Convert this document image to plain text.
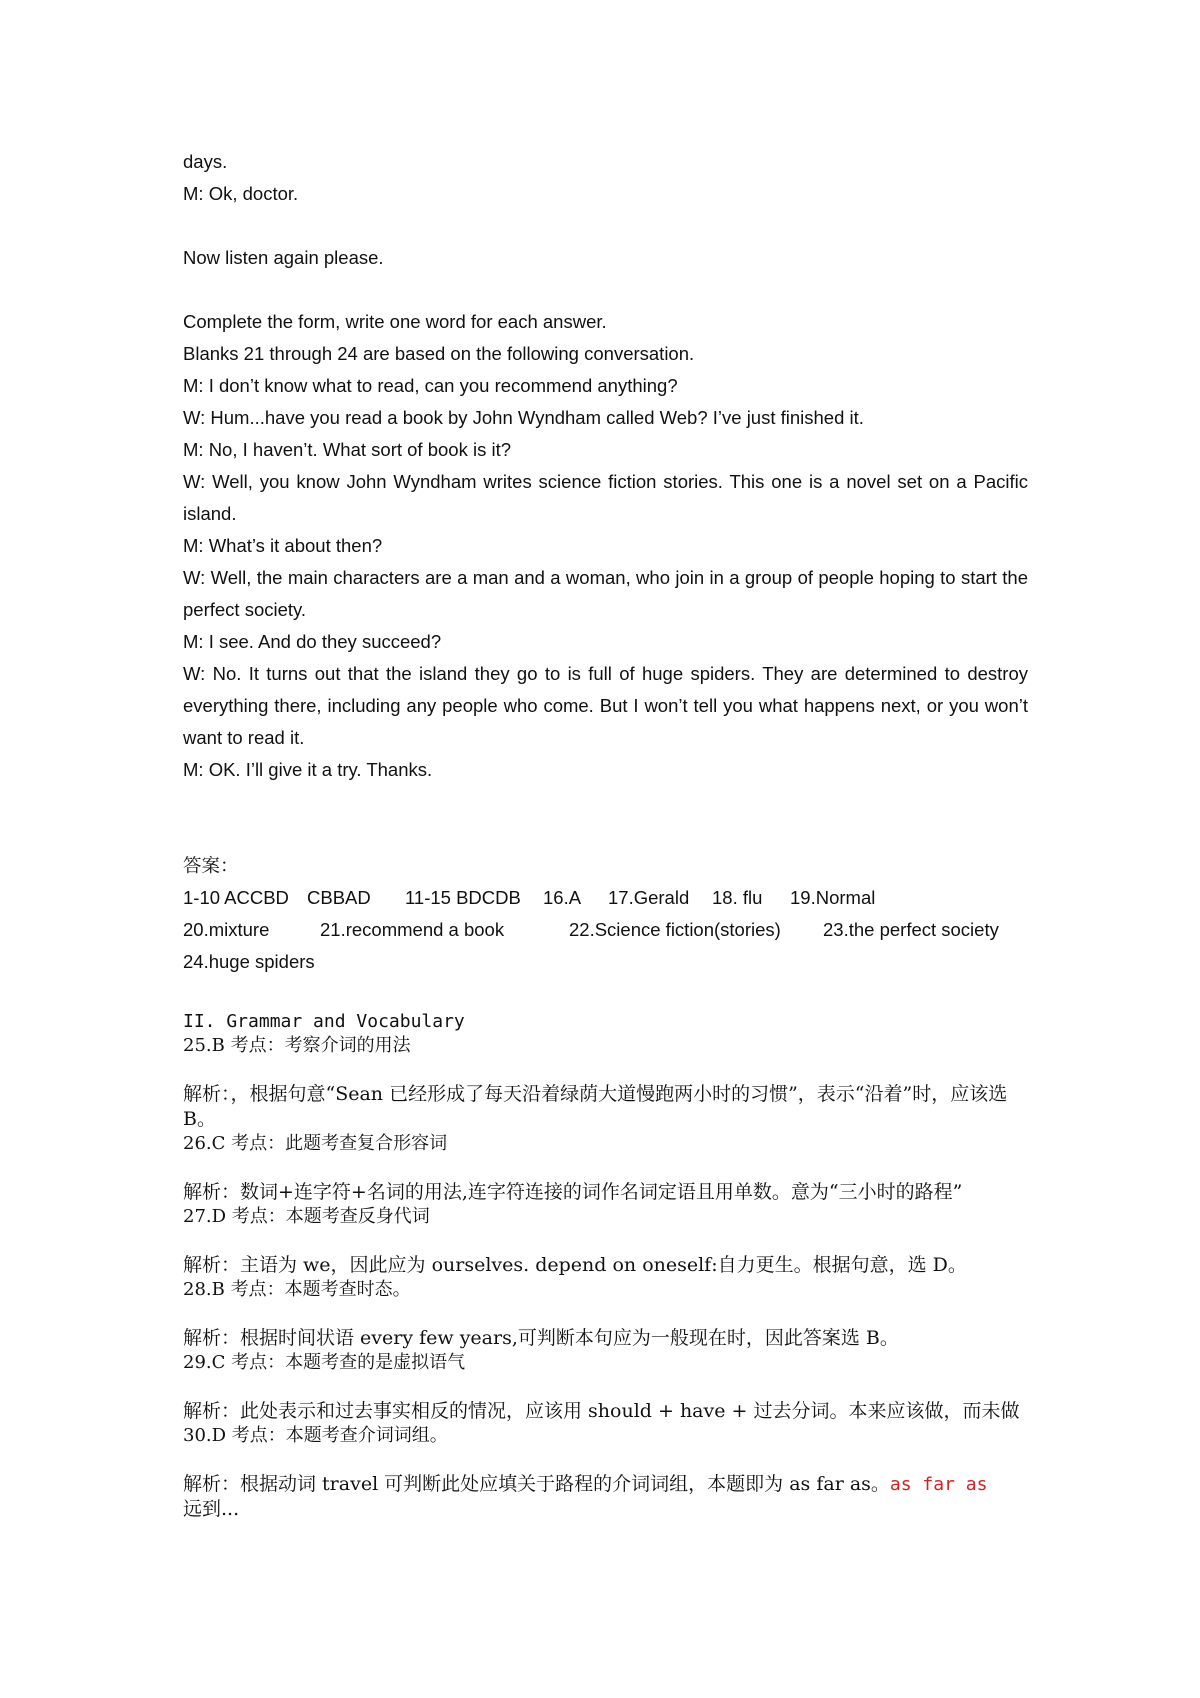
days.

M: Ok, doctor.

Now listen again please.

Complete the form, write one word for each answer.

Blanks 21 through 24 are based on the following conversation.

M: I don’t know what to read, can you recommend anything?

W: Hum...have you read a book by John Wyndham called Web? I’ve just finished it.

M: No, I haven’t. What sort of book is it?

W: Well, you know John Wyndham writes science fiction stories. This one is a novel set on a Pacific island.

M: What’s it about then?

W: Well, the main characters are a man and a woman, who join in a group of people hoping to start the perfect society.

M: I see. And do they succeed?

W: No. It turns out that the island they go to is full of huge spiders. They are determined to destroy everything there, including any people who come. But I won’t tell you what happens next, or you won’t want to read it.

M: OK. I’ll give it a try. Thanks.

答案：

1-10 ACCBD CBBAD	11-15 BDCDB	16.A	17.Gerald	18. flu	19.Normal
20.mixture	21.recommend a book	22.Science fiction(stories)	23.the perfect society
24.huge spiders

II. Grammar and Vocabulary

25.B 考点：考察介词的用法

解析：，根据句意“Sean 已经形成了每天沿着绿荫大道慢跑两小时的习惯”，表示“沿着”时，应该选 B。

26.C 考点：此题考查复合形容词

解析：数词+连字符+名词的用法,连字符连接的词作名词定语且用单数。意为“三小时的路程”

27.D 考点：本题考查反身代词

解析：主语为 we，因此应为 ourselves. depend on oneself:自力更生。根据句意，选 D。

28.B 考点：本题考查时态。

解析：根据时间状语 every few years,可判断本句应为一般现在时，因此答案选 B。

29.C 考点：本题考查的是虚拟语气

解析：此处表示和过去事实相反的情况，应该用 should + have + 过去分词。本来应该做，而未做

30.D 考点：本题考查介词词组。

解析：根据动词 travel 可判断此处应填关于路程的介词词组，本题即为 as far as。as far as
远到...
